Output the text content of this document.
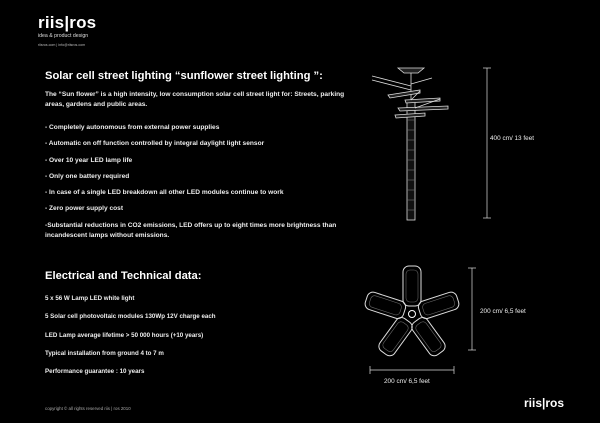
riis|ros
idea & product design
riisros.com | info@riisros.com
Solar cell street lighting “sunflower street lighting ”:
The “Sun flower” is a high intensity, low consumption solar cell street light for: Streets, parking areas, gardens and public areas.
- Completely autonomous from external power supplies
- Automatic on off function controlled by integral daylight light sensor
- Over 10 year LED lamp life
- Only one battery required
- In case of a single LED breakdown all other LED modules continue to work
- Zero power supply cost
-Substantial reductions in CO2 emissions, LED offers up to eight times more brightness than incandescent lamps without emissions.
Electrical and Technical data:
5 x 56 W Lamp LED white light
5 Solar cell photovoltaic modules 130Wp 12V charge each
LED Lamp average lifetime > 50 000 hours (+10 years)
Typical installation from ground 4 to 7 m
Performance guarantee : 10 years
400 cm/ 13 feet
200 cm/ 6,5 feet
200 cm/ 6,5 feet
copyright © all rights reserved riis | ros 2010	riis|ros
